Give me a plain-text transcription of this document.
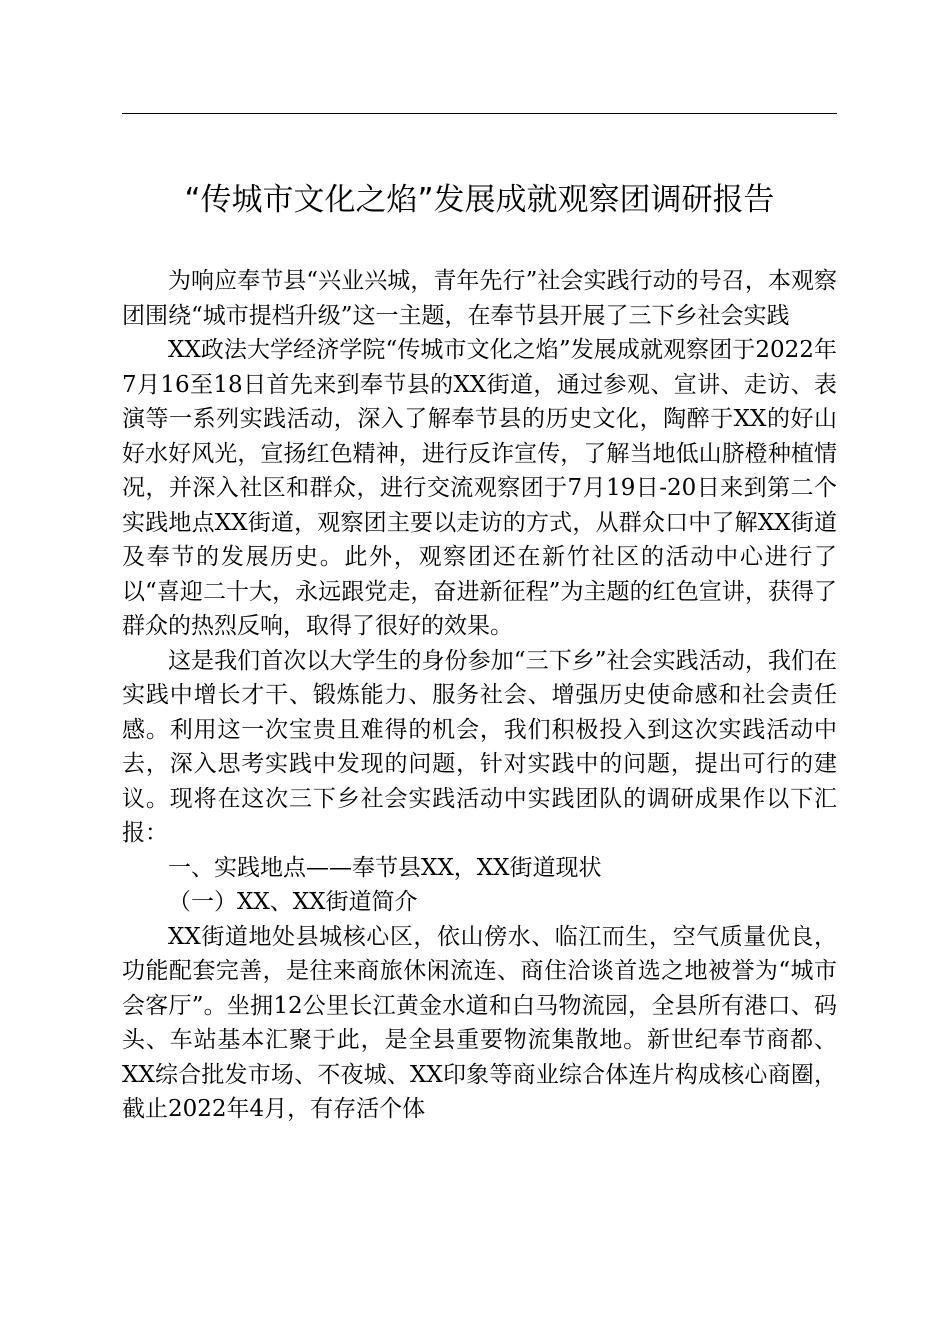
“传城市文化之焰”发展成就观察团调研报告

为响应奉节县“兴业兴城，青年先行”社会实践行动的号召，本观察团围绕“城市提档升级”这一主题，在奉节县开展了三下乡社会实践

XX政法大学经济学院“传城市文化之焰”发展成就观察团于2022年7月16至18日首先来到奉节县的XX街道，通过参观、宣讲、走访、表演等一系列实践活动，深入了解奉节县的历史文化，陶醉于XX的好山好水好风光，宣扬红色精神，进行反诈宣传，了解当地低山脐橙种植情况，并深入社区和群众，进行交流观察团于7月19日-20日来到第二个实践地点XX街道，观察团主要以走访的方式，从群众口中了解XX街道及奉节的发展历史。此外，观察团还在新竹社区的活动中心进行了以“喜迎二十大，永远跟党走，奋进新征程”为主题的红色宣讲，获得了群众的热烈反响，取得了很好的效果。

这是我们首次以大学生的身份参加“三下乡”社会实践活动，我们在实践中增长才干、锻炼能力、服务社会、增强历史使命感和社会责任感。利用这一次宝贵且难得的机会，我们积极投入到这次实践活动中去，深入思考实践中发现的问题，针对实践中的问题，提出可行的建议。现将在这次三下乡社会实践活动中实践团队的调研成果作以下汇报：

一、实践地点——奉节县XX，XX街道现状

（一）XX、XX街道简介

XX街道地处县城核心区，依山傍水、临江而生，空气质量优良，功能配套完善，是往来商旅休闲流连、商住洽谈首选之地被誉为“城市会客厅”。坐拥12公里长江黄金水道和白马物流园，全县所有港口、码头、车站基本汇聚于此，是全县重要物流集散地。新世纪奉节商都、XX综合批发市场、不夜城、XX印象等商业综合体连片构成核心商圈，截止2022年4月，有存活个体
